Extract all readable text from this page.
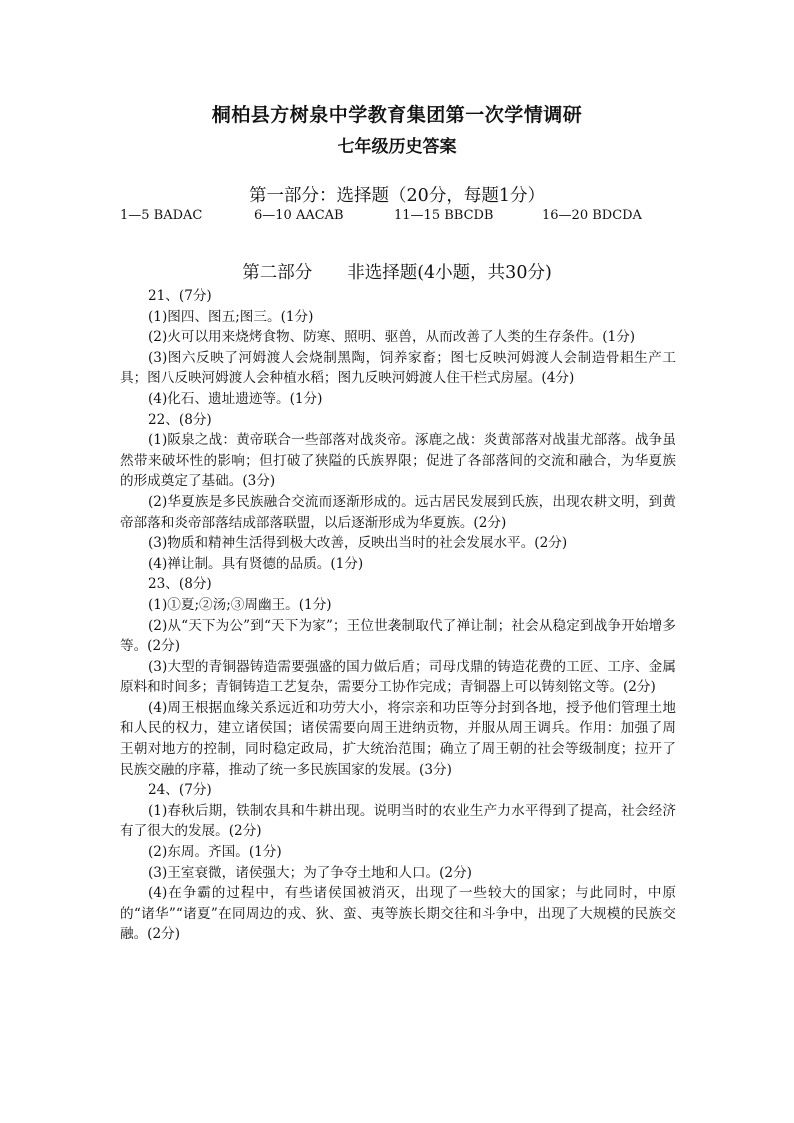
桐柏县方树泉中学教育集团第一次学情调研
七年级历史答案
第一部分：选择题（20分，每题1分）
1—5 BADAC	6—10 AACAB	11—15 BBCDB	16—20 BDCDA
第二部分　　非选择题(4小题，共30分)
21、(7分)
(1)图四、图五;图三。(1分)
(2)火可以用来烧烤食物、防寒、照明、驱兽，从而改善了人类的生存条件。(1分)
(3)图六反映了河姆渡人会烧制黑陶，饲养家畜；图七反映河姆渡人会制造骨耜生产工具；图八反映河姆渡人会种植水稻；图九反映河姆渡人住干栏式房屋。(4分)
(4)化石、遗址遗迹等。(1分)
22、(8分)
(1)阪泉之战：黄帝联合一些部落对战炎帝。涿鹿之战：炎黄部落对战蚩尤部落。战争虽然带来破坏性的影响；但打破了狭隘的氏族界限；促进了各部落间的交流和融合，为华夏族的形成奠定了基础。(3分)
(2)华夏族是多民族融合交流而逐渐形成的。远古居民发展到氏族，出现农耕文明，到黄帝部落和炎帝部落结成部落联盟，以后逐渐形成为华夏族。(2分)
(3)物质和精神生活得到极大改善，反映出当时的社会发展水平。(2分)
(4)禅让制。具有贤德的品质。(1分)
23、(8分)
(1)①夏;②汤;③周幽王。(1分)
(2)从“天下为公”到“天下为家”；王位世袭制取代了禅让制；社会从稳定到战争开始增多等。(2分)
(3)大型的青铜器铸造需要强盛的国力做后盾；司母戊鼎的铸造花费的工匠、工序、金属原料和时间多；青铜铸造工艺复杂，需要分工协作完成；青铜器上可以铸刻铭文等。(2分)
(4)周王根据血缘关系远近和功劳大小，将宗亲和功臣等分封到各地，授予他们管理土地和人民的权力，建立诸侯国；诸侯需要向周王进纳贡物，并服从周王调兵。作用：加强了周王朝对地方的控制，同时稳定政局，扩大统治范围；确立了周王朝的社会等级制度；拉开了民族交融的序幕，推动了统一多民族国家的发展。(3分)
24、(7分)
(1)春秋后期，铁制农具和牛耕出现。说明当时的农业生产力水平得到了提高，社会经济有了很大的发展。(2分)
(2)东周。齐国。(1分)
(3)王室衰微，诸侯强大；为了争夺土地和人口。(2分)
(4)在争霸的过程中，有些诸侯国被消灭，出现了一些较大的国家；与此同时，中原的“诸华”“诸夏”在同周边的戎、狄、蛮、夷等族长期交往和斗争中，出现了大规模的民族交融。(2分)
